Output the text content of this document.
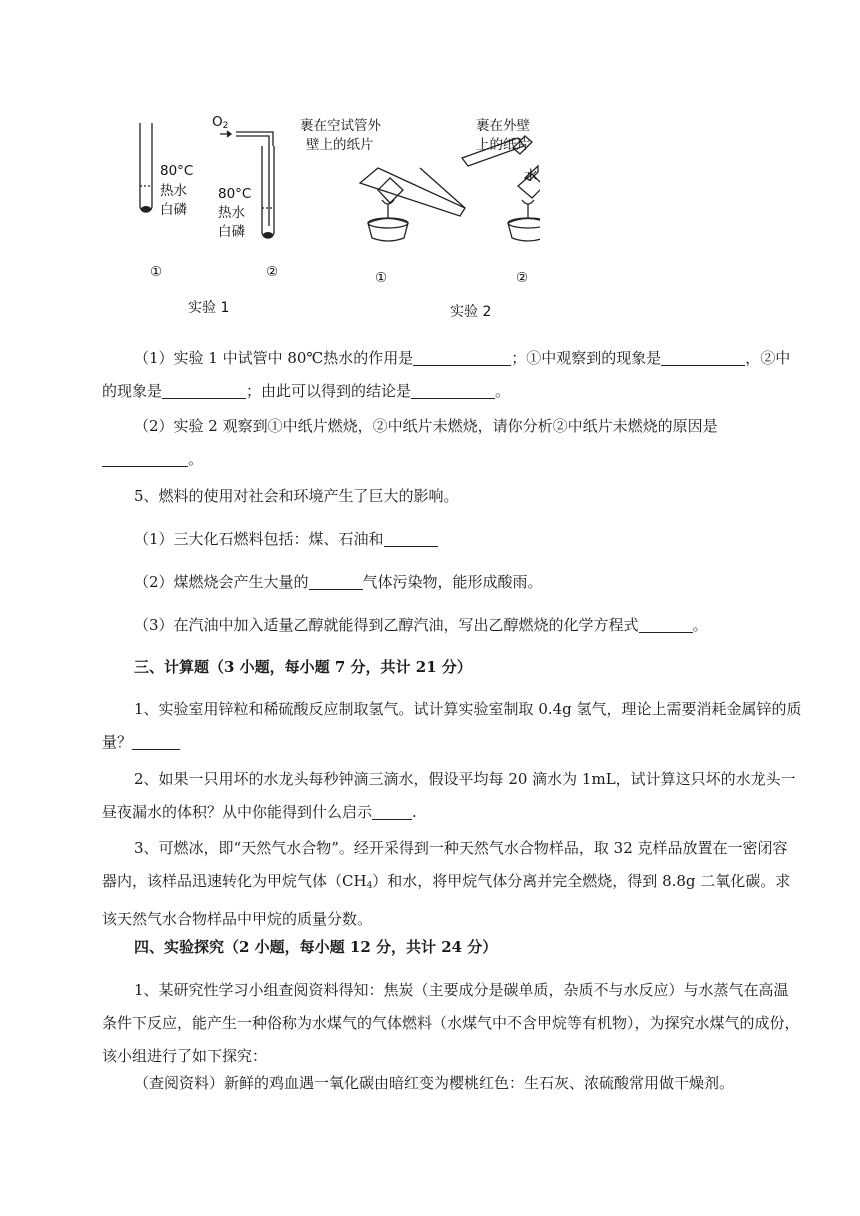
$O_2$
80°C
热水
白磷
80°C
热水
白磷
①	②
实验 1
裹在空试管外
壁上的纸片
裹在外壁
上的纸片
水
①	②
实验 2

（1）实验 1 中试管中 80℃热水的作用是	；①中观察到的现象是	，②中的现象是	；由此可以得到的结论是	。

（2）实验 2 观察到①中纸片燃烧，②中纸片未燃烧，请你分析②中纸片未燃烧的原因是。

5、燃料的使用对社会和环境产生了巨大的影响。

（1）三大化石燃料包括：煤、石油和

（2）煤燃烧会产生大量的	气体污染物，能形成酸雨。

（3）在汽油中加入适量乙醇就能得到乙醇汽油，写出乙醇燃烧的化学方程式	。

三、计算题（3 小题，每小题 7 分，共计 21 分）

1、实验室用锌粒和稀硫酸反应制取氢气。试计算实验室制取 0.4g 氢气，理论上需要消耗金属锌的质量？

2、如果一只用坏的水龙头每秒钟滴三滴水，假设平均每 20 滴水为 1mL，试计算这只坏的水龙头一昼夜漏水的体积？从中你能得到什么启示	.

3、可燃冰，即“天然气水合物”。经开采得到一种天然气水合物样品，取 32 克样品放置在一密闭容器内，该样品迅速转化为甲烷气体$(CH_4)$和水，将甲烷气体分离并完全燃烧，得到 8.8g 二氧化碳。求该天然气水合物样品中甲烷的质量分数。

四、实验探究（2 小题，每小题 12 分，共计 24 分）

1、某研究性学习小组查阅资料得知：焦炭（主要成分是碳单质，杂质不与水反应）与水蒸气在高温条件下反应，能产生一种俗称为水煤气的气体燃料（水煤气中不含甲烷等有机物），为探究水煤气的成份，该小组进行了如下探究：

（查阅资料）新鲜的鸡血遇一氧化碳由暗红变为樱桃红色：生石灰、浓硫酸常用做干燥剂。
